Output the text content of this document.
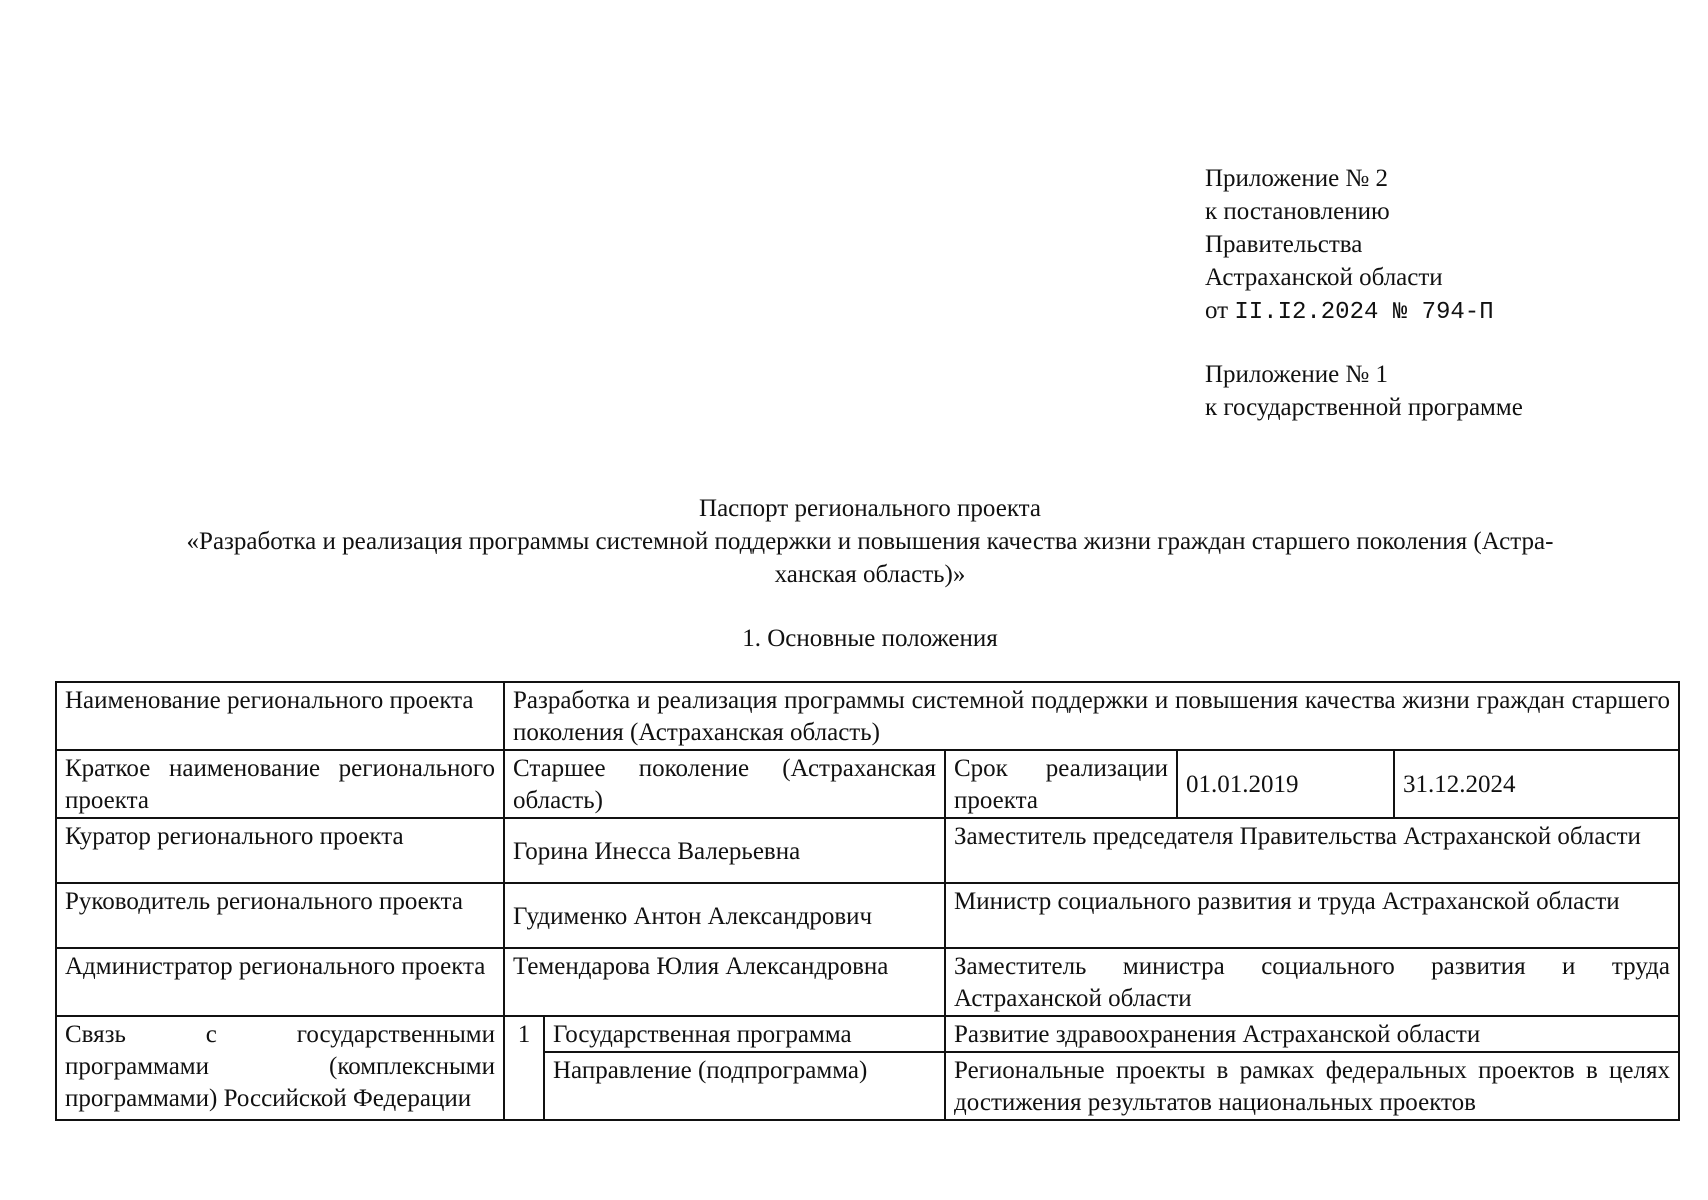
Приложение № 2
к постановлению
Правительства
Астраханской области
от II.I2.2024 № 794-П
Приложение № 1
к государственной программе
Паспорт регионального проекта
«Разработка и реализация программы системной поддержки и повышения качества жизни граждан старшего поколения (Астра-
ханская область)»
1. Основные положения
Наименование регионального проекта	Разработка и реализация программы системной поддержки и повышения качества жизни граждан старшего поколения (Астраханская область)				
Краткое наименование регионального проекта	Старшее поколение (Астраханская область)		Срок реализации проекта	01.01.2019	31.12.2024
Куратор регионального проекта	Горина Инесса Валерьевна		Заместитель председателя Правительства Астраханской области		
Руководитель регионального проекта	Гудименко Антон Александрович		Министр социального развития и труда Астраханской области		
Администратор регионального проекта	Темендарова Юлия Александровна		Заместитель министра социального развития и труда Астраханской области		
Связь с государственными программами (комплексными программами) Российской Федерации	1	Государственная программа	Развитие здравоохранения Астраханской области		
		Направление (подпрограмма)	Региональные проекты в рамках федеральных проектов в целях достижения результатов национальных проектов		
